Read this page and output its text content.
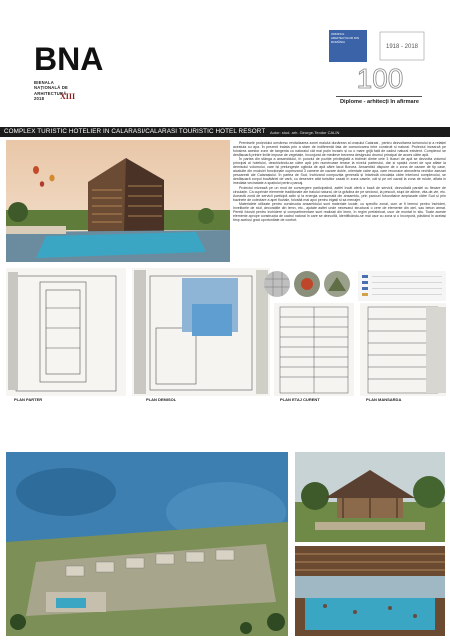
BNA
BIENALA NAȚIONALĂ DE ARHITECTURĂ 2018	XIII
ORDINUL ARHITECȚILOR DIN ROMÂNIA
1918 - 2018
100
Diplome - arhitecți în afirmare
COMPLEX TURISTIC HOTELIER IN CALARASI/CALARASI TOURISTIC HOTEL RESORT Autor: stud. arh. George-Teodor CALIN

Premisele proiectului urmăresc revitalizarea zonei malului dunărean al orașului Calarasi , pentru dezvoltarea turismului și a relației acestuia cu apa. În prezent traiata prin a stare de indiferență fata de comunicarea intre construit si natural. Proiectul incearcă pe folosirea acestor zone de tangenta cu naturalul cât mai puțin invaziv și cu o mare grijă față de cadrul natural existent. Complexul se desfășoară printre liniile impuse de vegetație, înconjurat de medieve trecerea designului drumul principal de acces către apă.

În partea din stânga a ansamblului, în punctul de poziție privilegiată a tridimiri dintre cele 3 fluxuri de apă se dezvolta volumul principal al hotelului, deschizându-se către apă prin numeroase terase la nivelul parterului, dar și spațiul zonei de spa aflate la demisolul volumului, care își prelungește oglinda de apă către lacul Borcea. Ansamblul dispune de o zona de cazare de tip case, alcatuite din modulei funcționale cuprinzand 3 camere de cazare duble, orientate catre apa, care reconace atmosfera vechilor asezari pescaresti ale Calarașiului. În partea de Sud, închizand compoziția generală și întarindă circulația către interiorul complexului, se desfășoară corpul bucătăriei de vară, cu deservire atât turiștilor cazați în zona casele, cât și pe cei cazați la zona de rulote, aflata in imediata vecinatate a spațiului pentru parcaj.

Proiectul mizează pe un mod de convergere participativă, astfel încât oferă o bază de servicii, dezvoltată paralel cu fiecare de circulație. Ca cuprinde elemente tradiționale ale traiului natural, de la grădina de pe sectorul, la pescuit, stupi de albine, vita-de-vie, etc. Această zonă de servicii participă activ și la energia consumată din ansamblu, prin panouri fotovoltaice amplasate către Sud și prin bazinele de colectare a apei fluviale, folosită mai apoi pentru irigații și sa menajer.

Materialele utilizate pentru construcția ansamblului sunt materiale locale, cu specific zonal, cum ar fi lemnul pentru închideri, învelitorile de stuf, decorațiile din lemn, etc., ajutate astfel unde necesarul structural o cere de elemente din oțel, sau beton armat. Pereții folosiți pentru închidere și compartimentare sunt realizați din lemn, în regim prefabricat, usor de montat in situ. Toate aceste elemente aprope construcția de cadrul natural în care se dezvoltă, identificându-se mai ușor cu zona și o încorporă, păstând în același timp aceluși grad oportunitate de confort.

PLAN PARTER	PLAN DEMISOL	PLAN ETAJ CURENT	PLAN MANSARDA
